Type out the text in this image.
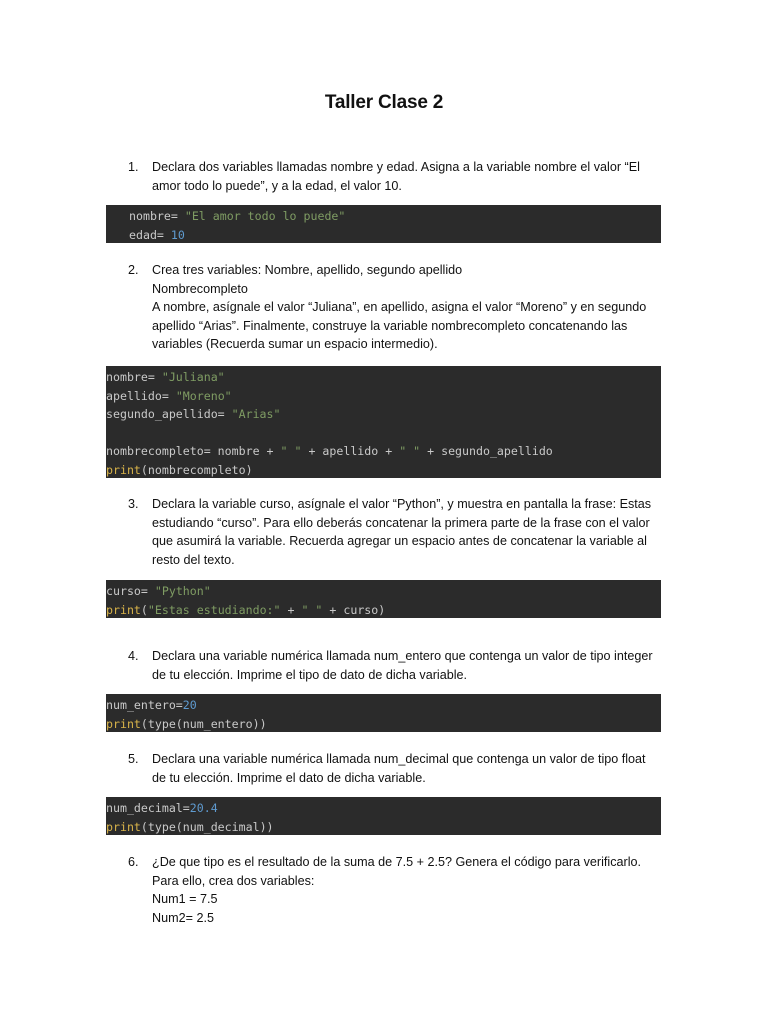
Taller Clase 2
1.	Declara dos variables llamadas nombre y edad. Asigna a la variable nombre el valor “El
amor todo lo puede”, y a la edad, el valor 10.
nombre= "El amor todo lo puede"
edad= 10
2.	Crea tres variables: Nombre, apellido, segundo apellido
Nombrecompleto
A nombre, asígnale el valor “Juliana”, en apellido, asigna el valor “Moreno” y en segundo
apellido “Arias”. Finalmente, construye la variable nombrecompleto concatenando las
variables (Recuerda sumar un espacio intermedio).
nombre= "Juliana"
apellido= "Moreno"
segundo_apellido= "Arias"
nombrecompleto= nombre + " " + apellido + " " + segundo_apellido
print(nombrecompleto)
3.	Declara la variable curso, asígnale el valor “Python”, y muestra en pantalla la frase: Estas
estudiando “curso”. Para ello deberás concatenar la primera parte de la frase con el valor
que asumirá la variable. Recuerda agregar un espacio antes de concatenar la variable al
resto del texto.
curso= "Python"
print("Estas estudiando:" + " " + curso)
4.	Declara una variable numérica llamada num_entero que contenga un valor de tipo integer
de tu elección. Imprime el tipo de dato de dicha variable.
num_entero=20
print(type(num_entero))
5.	Declara una variable numérica llamada num_decimal que contenga un valor de tipo float
de tu elección. Imprime el dato de dicha variable.
num_decimal=20.4
print(type(num_decimal))
6.	¿De que tipo es el resultado de la suma de 7.5 + 2.5? Genera el código para verificarlo.
Para ello, crea dos variables:
Num1 = 7.5
Num2= 2.5
